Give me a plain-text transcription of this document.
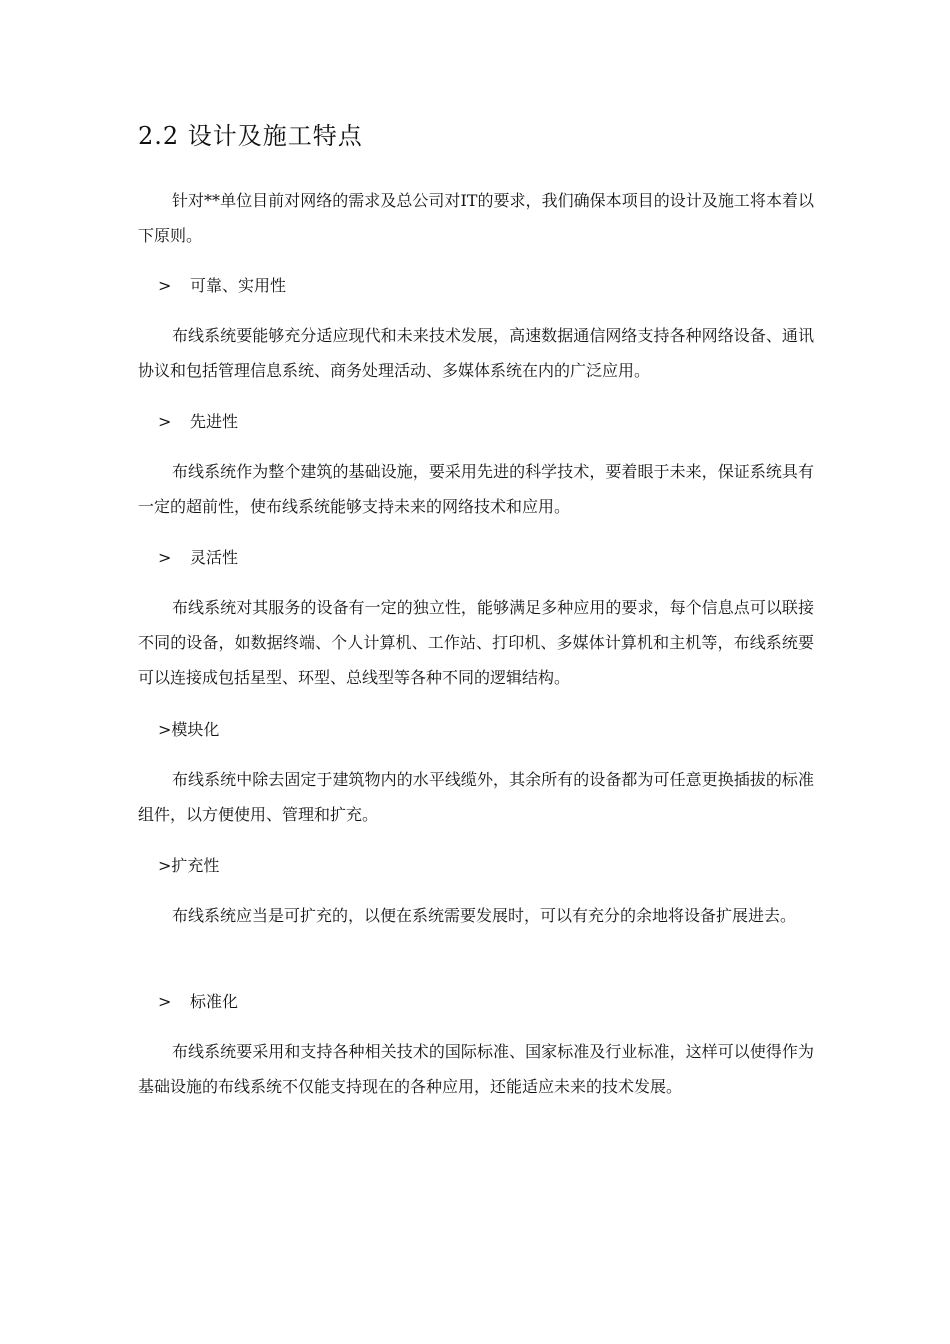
2.2 设计及施工特点

针对**单位目前对网络的需求及总公司对IT的要求，我们确保本项目的设计及施工将本着以下原则。

> 可靠、实用性

布线系统要能够充分适应现代和未来技术发展，高速数据通信网络支持各种网络设备、通讯协议和包括管理信息系统、商务处理活动、多媒体系统在内的广泛应用。

> 先进性

布线系统作为整个建筑的基础设施，要采用先进的科学技术，要着眼于未来，保证系统具有一定的超前性，使布线系统能够支持未来的网络技术和应用。

> 灵活性

布线系统对其服务的设备有一定的独立性，能够满足多种应用的要求，每个信息点可以联接不同的设备，如数据终端、个人计算机、工作站、打印机、多媒体计算机和主机等，布线系统要可以连接成包括星型、环型、总线型等各种不同的逻辑结构。

>模块化

布线系统中除去固定于建筑物内的水平线缆外，其余所有的设备都为可任意更换插拔的标准组件，以方便使用、管理和扩充。

>扩充性

布线系统应当是可扩充的，以便在系统需要发展时，可以有充分的余地将设备扩展进去。

> 标准化

布线系统要采用和支持各种相关技术的国际标准、国家标准及行业标准，这样可以使得作为基础设施的布线系统不仅能支持现在的各种应用，还能适应未来的技术发展。
